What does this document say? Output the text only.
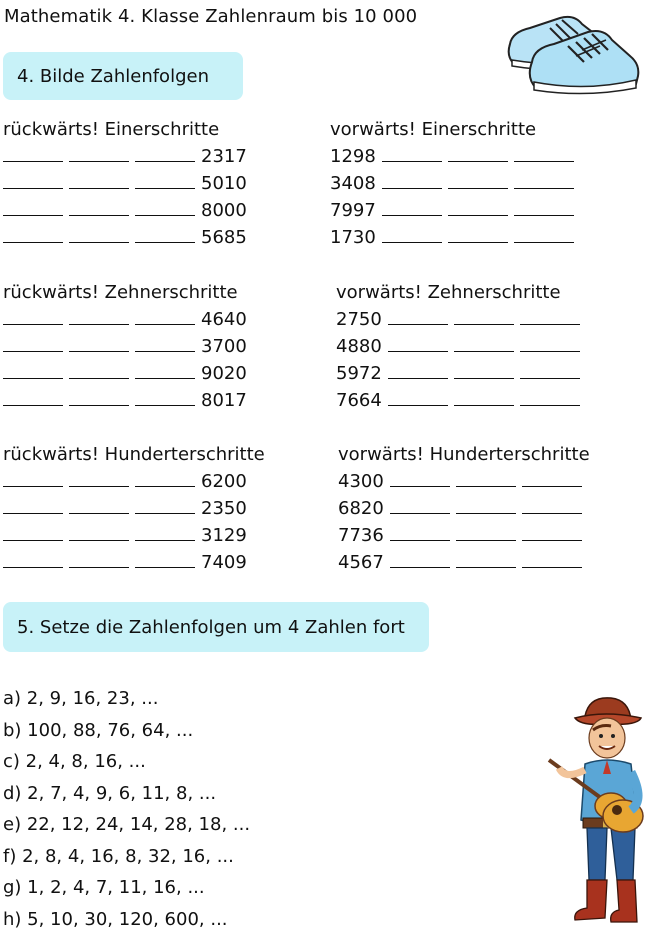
Mathematik 4. Klasse Zahlenraum bis 10 000
4. Bilde Zahlenfolgen
rückwärts! Einerschritte
2317
5010
8000
5685
vorwärts! Einerschritte
1298
3408
7997
1730
rückwärts! Zehnerschritte
4640
3700
9020
8017
vorwärts! Zehnerschritte
2750
4880
5972
7664
rückwärts! Hunderterschritte
6200
2350
3129
7409
vorwärts! Hunderterschritte
4300
6820
7736
4567
5. Setze die Zahlenfolgen um 4 Zahlen fort
a) 2, 9, 16, 23, ...
b) 100, 88, 76, 64, ...
c) 2, 4, 8, 16, ...
d) 2, 7, 4, 9, 6, 11, 8, ...
e) 22, 12, 24, 14, 28, 18, ...
f) 2, 8, 4, 16, 8, 32, 16, ...
g) 1, 2, 4, 7, 11, 16, ...
h) 5, 10, 30, 120, 600, ...
